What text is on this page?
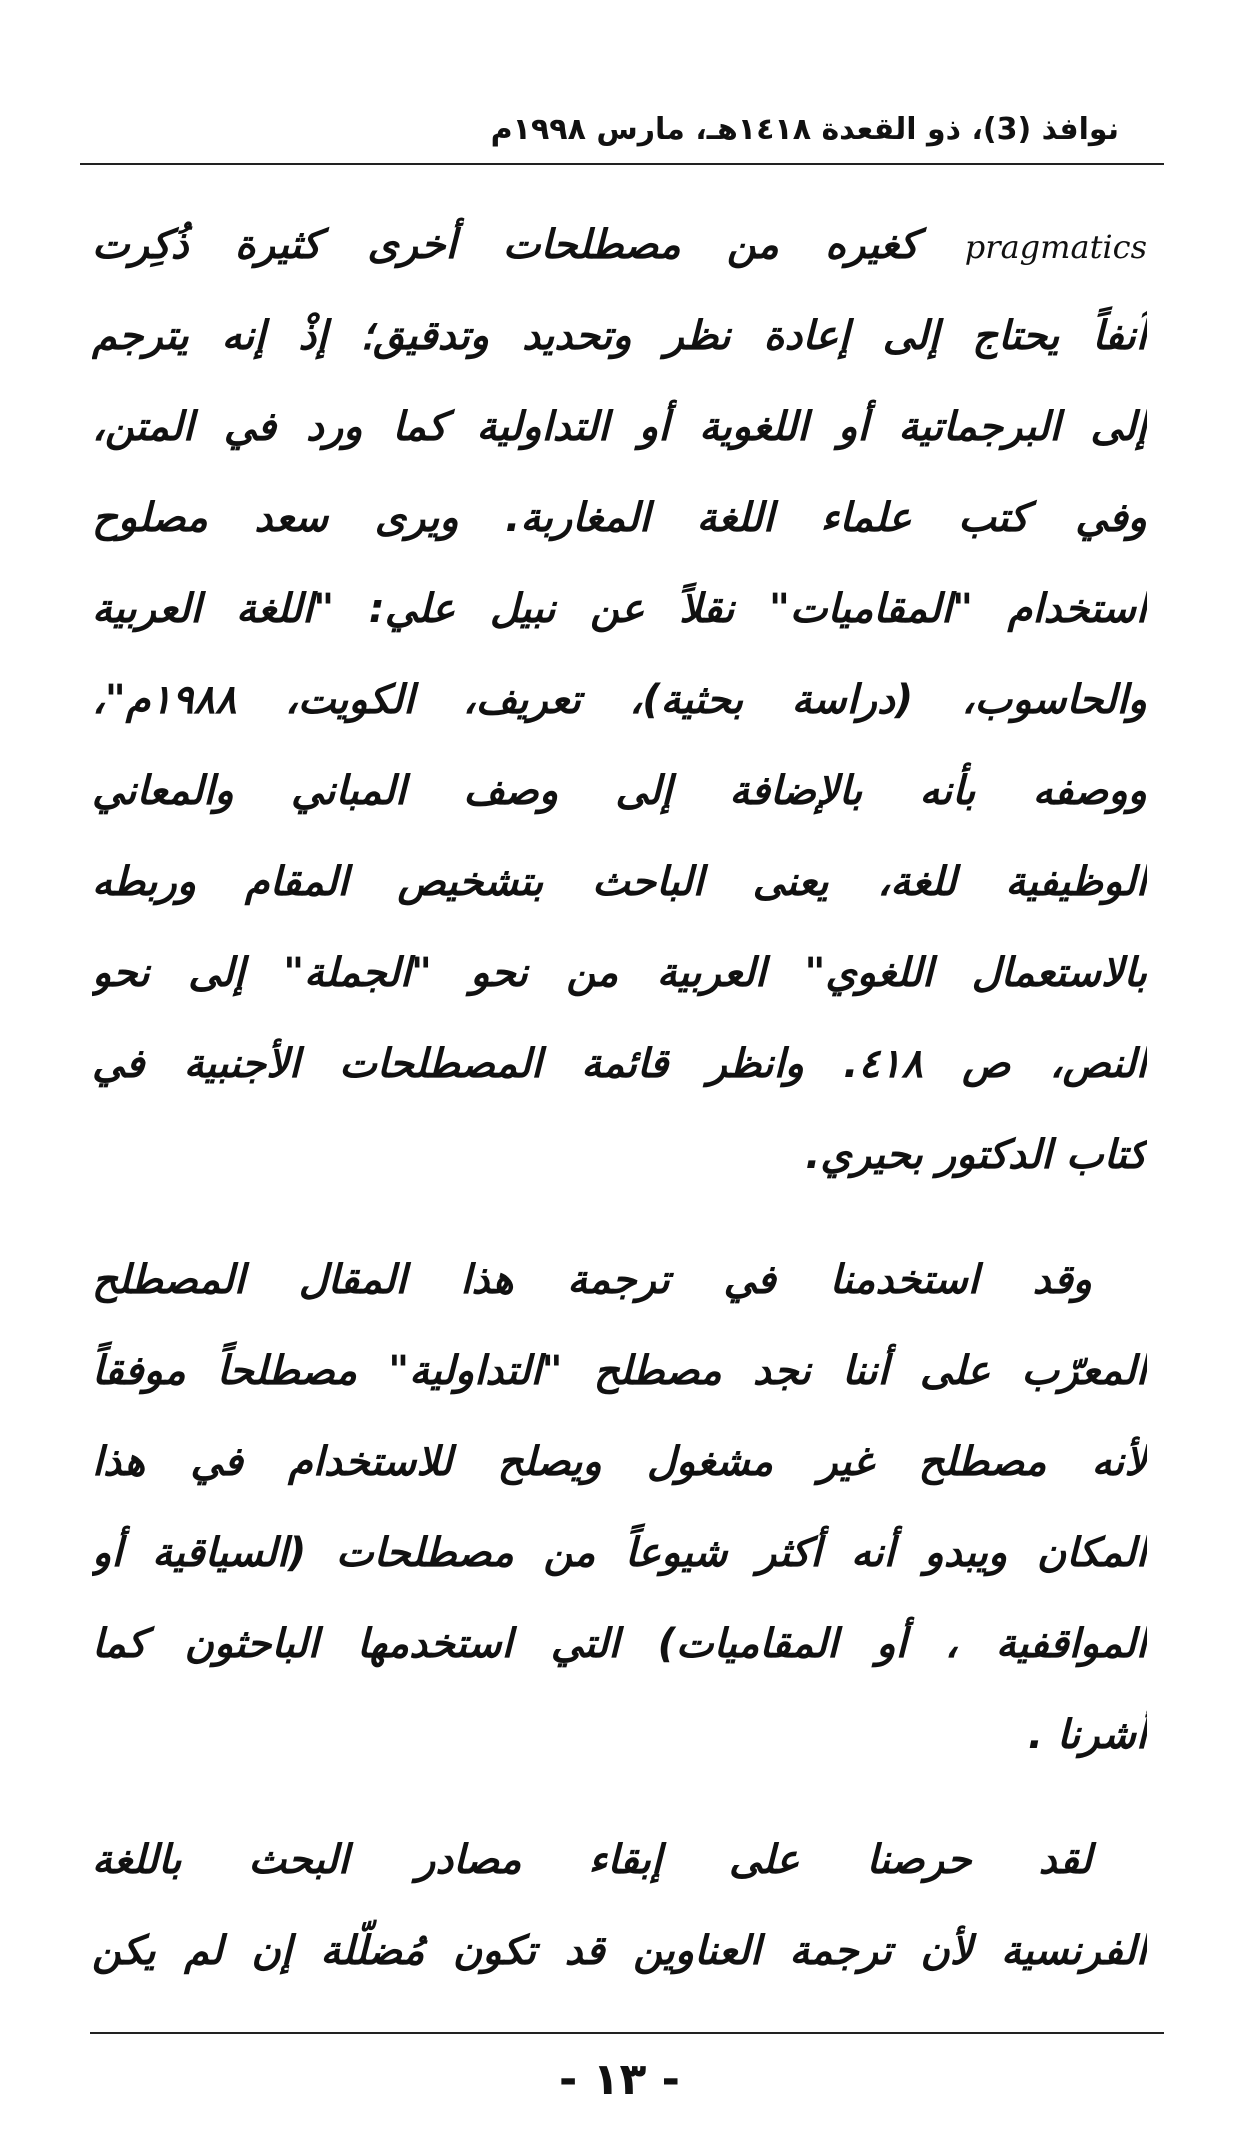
نوافذ (3)، ذو القعدة ١٤١٨هـ، مارس ١٩٩٨م
pragmatics كغيره من مصطلحات أخرى كثيرة ذُكِرت
آنفاً يحتاج إلى إعادة نظر وتحديد وتدقيق؛ إذْ إنه يترجم
إلى البرجماتية أو اللغوية أو التداولية كما ورد في المتن،
وفي كتب علماء اللغة المغاربة. ويرى سعد مصلوح
استخدام "المقاميات" نقلاً عن نبيل علي: "اللغة العربية
والحاسوب، (دراسة بحثية)، تعريف، الكويت، ١٩٨٨م"،
ووصفه بأنه بالإضافة إلى وصف المباني والمعاني
الوظيفية للغة، يعنى الباحث بتشخيص المقام وربطه
بالاستعمال اللغوي" العربية من نحو "الجملة" إلى نحو
النص، ص ٤١٨. وانظر قائمة المصطلحات الأجنبية في
كتاب الدكتور بحيري.
وقد استخدمنا في ترجمة هذا المقال المصطلح
المعرّب على أننا نجد مصطلح "التداولية" مصطلحاً موفقاً
لأنه مصطلح غير مشغول ويصلح للاستخدام في هذا
المكان ويبدو أنه أكثر شيوعاً من مصطلحات (السياقية أو
المواقفية ، أو المقاميات) التي استخدمها الباحثون كما
أشرنا .
لقد حرصنا على إبقاء مصادر البحث باللغة
الفرنسية لأن ترجمة العناوين قد تكون مُضلّلة إن لم يكن
- ١٣ -
